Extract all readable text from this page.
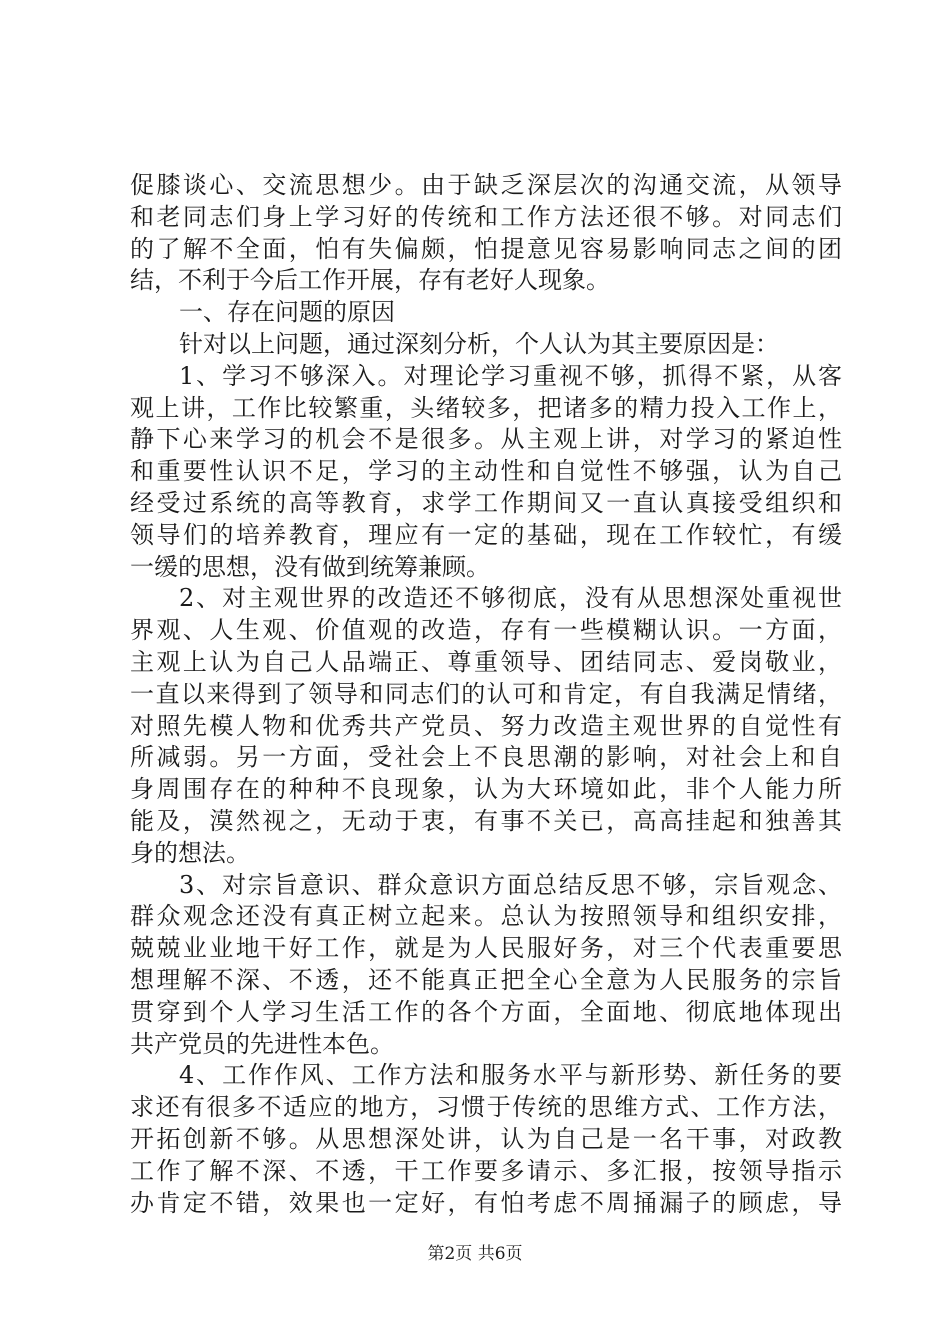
促膝谈心、交流思想少。由于缺乏深层次的沟通交流，从领导
和老同志们身上学习好的传统和工作方法还很不够。对同志们
的了解不全面，怕有失偏颇，怕提意见容易影响同志之间的团
结，不利于今后工作开展，存有老好人现象。
一、存在问题的原因
针对以上问题，通过深刻分析，个人认为其主要原因是：
1、学习不够深入。对理论学习重视不够，抓得不紧，从客
观上讲，工作比较繁重，头绪较多，把诸多的精力投入工作上，
静下心来学习的机会不是很多。从主观上讲，对学习的紧迫性
和重要性认识不足，学习的主动性和自觉性不够强，认为自己
经受过系统的高等教育，求学工作期间又一直认真接受组织和
领导们的培养教育，理应有一定的基础，现在工作较忙，有缓
一缓的思想，没有做到统筹兼顾。
2、对主观世界的改造还不够彻底，没有从思想深处重视世
界观、人生观、价值观的改造，存有一些模糊认识。一方面，
主观上认为自己人品端正、尊重领导、团结同志、爱岗敬业，
一直以来得到了领导和同志们的认可和肯定，有自我满足情绪，
对照先模人物和优秀共产党员、努力改造主观世界的自觉性有
所减弱。另一方面，受社会上不良思潮的影响，对社会上和自
身周围存在的种种不良现象，认为大环境如此，非个人能力所
能及，漠然视之，无动于衷，有事不关已，高高挂起和独善其
身的想法。
3、对宗旨意识、群众意识方面总结反思不够，宗旨观念、
群众观念还没有真正树立起来。总认为按照领导和组织安排，
兢兢业业地干好工作，就是为人民服好务，对三个代表重要思
想理解不深、不透，还不能真正把全心全意为人民服务的宗旨
贯穿到个人学习生活工作的各个方面，全面地、彻底地体现出
共产党员的先进性本色。
4、工作作风、工作方法和服务水平与新形势、新任务的要
求还有很多不适应的地方，习惯于传统的思维方式、工作方法，
开拓创新不够。从思想深处讲，认为自己是一名干事，对政教
工作了解不深、不透，干工作要多请示、多汇报，按领导指示
办肯定不错，效果也一定好，有怕考虑不周捅漏子的顾虑，导
第2页 共6页
